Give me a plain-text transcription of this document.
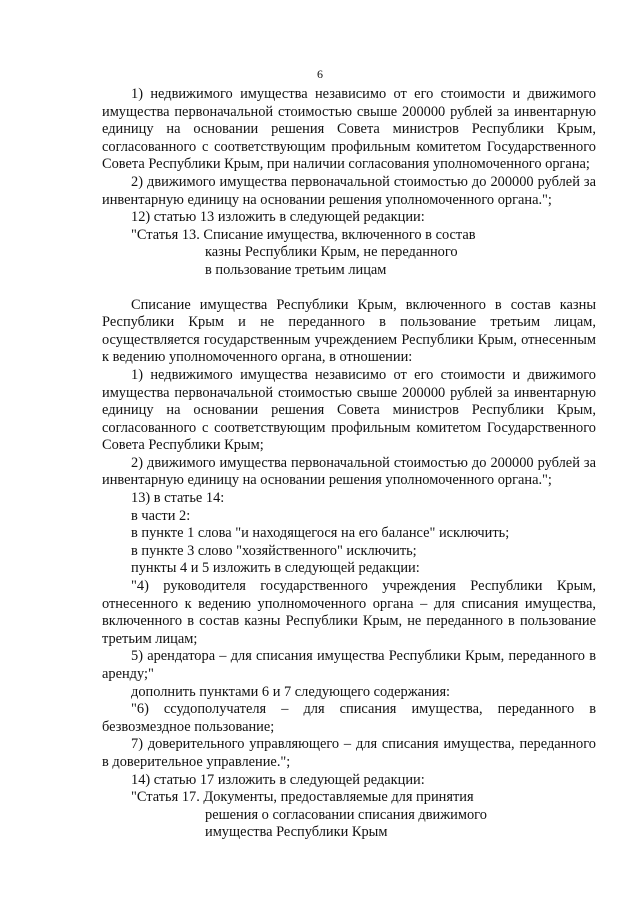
6

1) недвижимого имущества независимо от его стоимости и движимого имущества первоначальной стоимостью свыше 200000 рублей за инвентарную единицу на основании решения Совета министров Республики Крым, согласованного с соответствующим профильным комитетом Государственного Совета Республики Крым, при наличии согласования уполномоченного органа;

2) движимого имущества первоначальной стоимостью до 200000 рублей за инвентарную единицу на основании решения уполномоченного органа.";

12) статью 13 изложить в следующей редакции:

"Статья 13. Списание имущества, включенного в состав

казны Республики Крым, не переданного

в пользование третьим лицам

Списание имущества Республики Крым, включенного в состав казны Республики Крым и не переданного в пользование третьим лицам, осуществляется государственным учреждением Республики Крым, отнесенным к ведению уполномоченного органа, в отношении:

1) недвижимого имущества независимо от его стоимости и движимого имущества первоначальной стоимостью свыше 200000 рублей за инвентарную единицу на основании решения Совета министров Республики Крым, согласованного с соответствующим профильным комитетом Государственного Совета Республики Крым;

2) движимого имущества первоначальной стоимостью до 200000 рублей за инвентарную единицу на основании решения уполномоченного органа.";

13) в статье 14:

в части 2:

в пункте 1 слова "и находящегося на его балансе" исключить;

в пункте 3 слово "хозяйственного" исключить;

пункты 4 и 5 изложить в следующей редакции:

"4) руководителя государственного учреждения Республики Крым, отнесенного к ведению уполномоченного органа – для списания имущества, включенного в состав казны Республики Крым, не переданного в пользование третьим лицам;

5) арендатора – для списания имущества Республики Крым, переданного в аренду;"

дополнить пунктами 6 и 7 следующего содержания:

"6) ссудополучателя – для списания имущества, переданного в безвозмездное пользование;

7) доверительного управляющего – для списания имущества, переданного в доверительное управление.";

14) статью 17 изложить в следующей редакции:

"Статья 17. Документы, предоставляемые для принятия

решения о согласовании списания движимого

имущества Республики Крым
